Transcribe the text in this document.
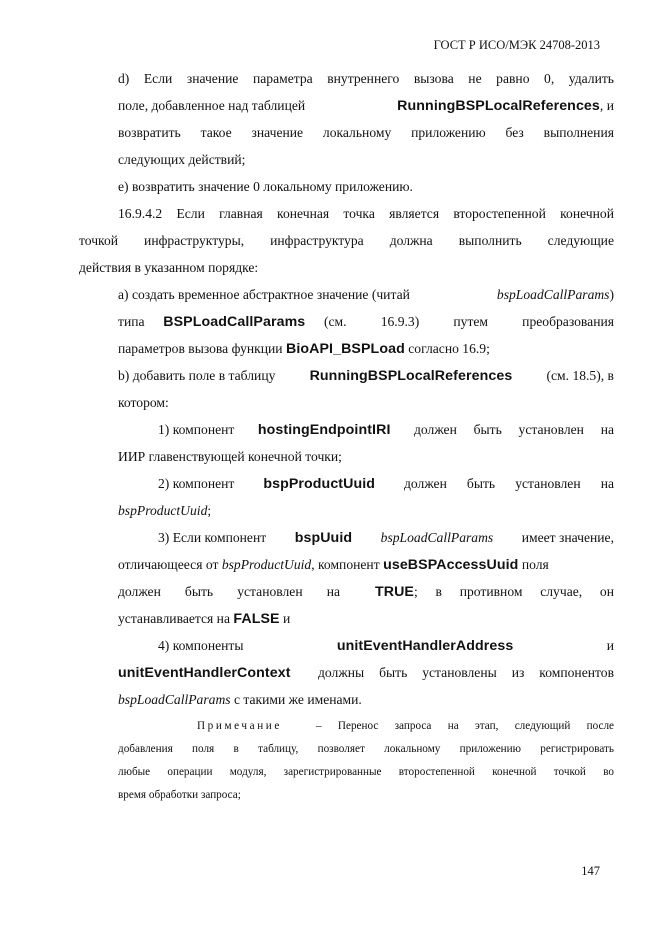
ГОСТ Р ИСО/МЭК 24708-2013
d) Если значение параметра внутреннего вызова не равно 0, удалить
поле, добавленное над таблицей	RunningBSPLocalReferences, и
возвратить такое значение локальному приложению без выполнения
следующих действий;
e) возвратить значение 0 локальному приложению.
16.9.4.2 Если главная конечная точка является второстепенной конечной
точкой инфраструктуры, инфраструктура должна выполнить следующие
действия в указанном порядке:
a) создать временное абстрактное значение (читай	bspLoadCallParams)
типа BSPLoadCallParams (см. 16.9.3) путем преобразования
параметров вызова функции BioAPI_BSPLoad согласно 16.9;
b) добавить поле в таблицу RunningBSPLocalReferences	(см. 18.5), в
котором:
1) компонент hostingEndpointIRI должен быть установлен на
ИИР главенствующей конечной точки;
2) компонент bspProductUuid должен быть установлен на
bspProductUuid;
3) Если компонент bspUuid bspLoadCallParams имеет значение,
отличающееся от bspProductUuid, компонент useBSPAccessUuid поля
должен быть установлен на TRUE; в противном случае, он
устанавливается на FALSE и
4) компоненты	unitEventHandlerAddress	и
unitEventHandlerContext должны быть установлены из компонентов
bspLoadCallParams с такими же именами.
Примечание	– Перенос запроса на этап, следующий после
добавления поля в таблицу, позволяет локальному приложению регистрировать
любые операции модуля, зарегистрированные второстепенной конечной точкой во
время обработки запроса;
147
